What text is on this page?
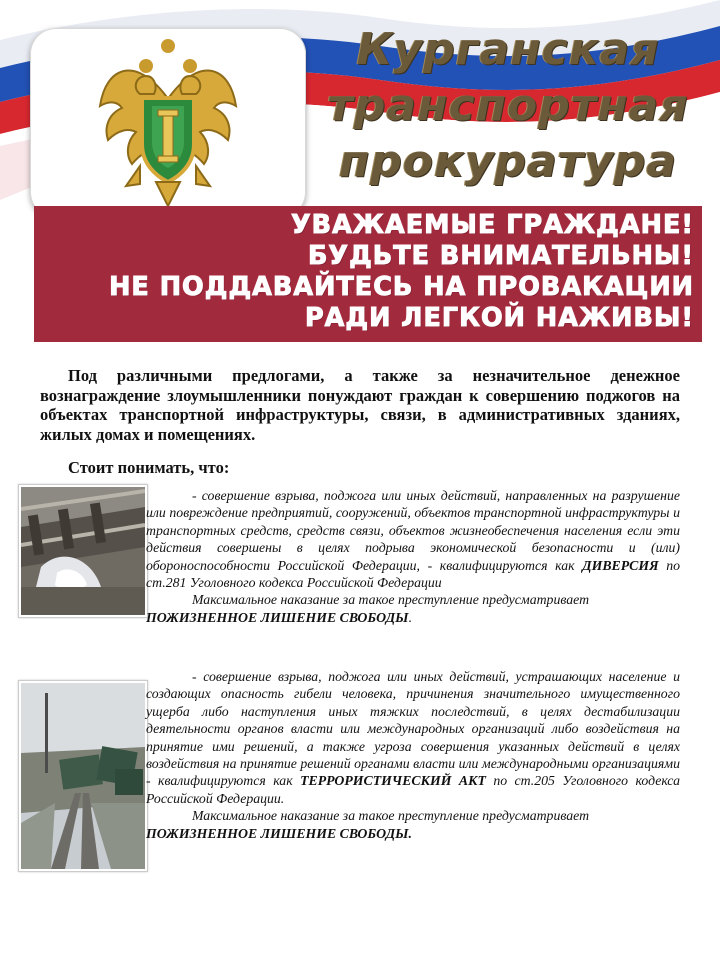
Курганская
транспортная
прокуратура
УВАЖАЕМЫЕ ГРАЖДАНЕ!
БУДЬТЕ ВНИМАТЕЛЬНЫ!
НЕ ПОДДАВАЙТЕСЬ НА ПРОВАКАЦИИ
РАДИ ЛЕГКОЙ НАЖИВЫ!
Под различными предлогами, а также за незначительное денежное вознаграждение злоумышленники понуждают граждан к совершению поджогов на объектах транспортной инфраструктуры, связи, в административных зданиях, жилых домах и помещениях.
Стоит понимать, что:

- совершение взрыва, поджога или иных действий, направленных на разрушение или повреждение предприятий, сооружений, объектов транспортной инфраструктуры и транспортных средств, средств связи, объектов жизнеобеспечения населения если эти действия совершены в целях подрыва экономической безопасности и (или) обороноспособности Российской Федерации, - квалифицируются как ДИВЕРСИЯ по ст.281 Уголовного кодекса Российской Федерации

Максимальное наказание за такое преступление предусматривает

ПОЖИЗНЕННОЕ ЛИШЕНИЕ СВОБОДЫ.

- совершение взрыва, поджога или иных действий, устрашающих население и создающих опасность гибели человека, причинения значительного имущественного ущерба либо наступления иных тяжких последствий, в целях дестабилизации деятельности органов власти или международных организаций либо воздействия на принятие ими решений, а также угроза совершения указанных действий в целях воздействия на принятие решений органами власти или международными организациями - квалифицируются как ТЕРРОРИСТИЧЕСКИЙ АКТ по ст.205 Уголовного кодекса Российской Федерации.

Максимальное наказание за такое преступление предусматривает

ПОЖИЗНЕННОЕ ЛИШЕНИЕ СВОБОДЫ.
